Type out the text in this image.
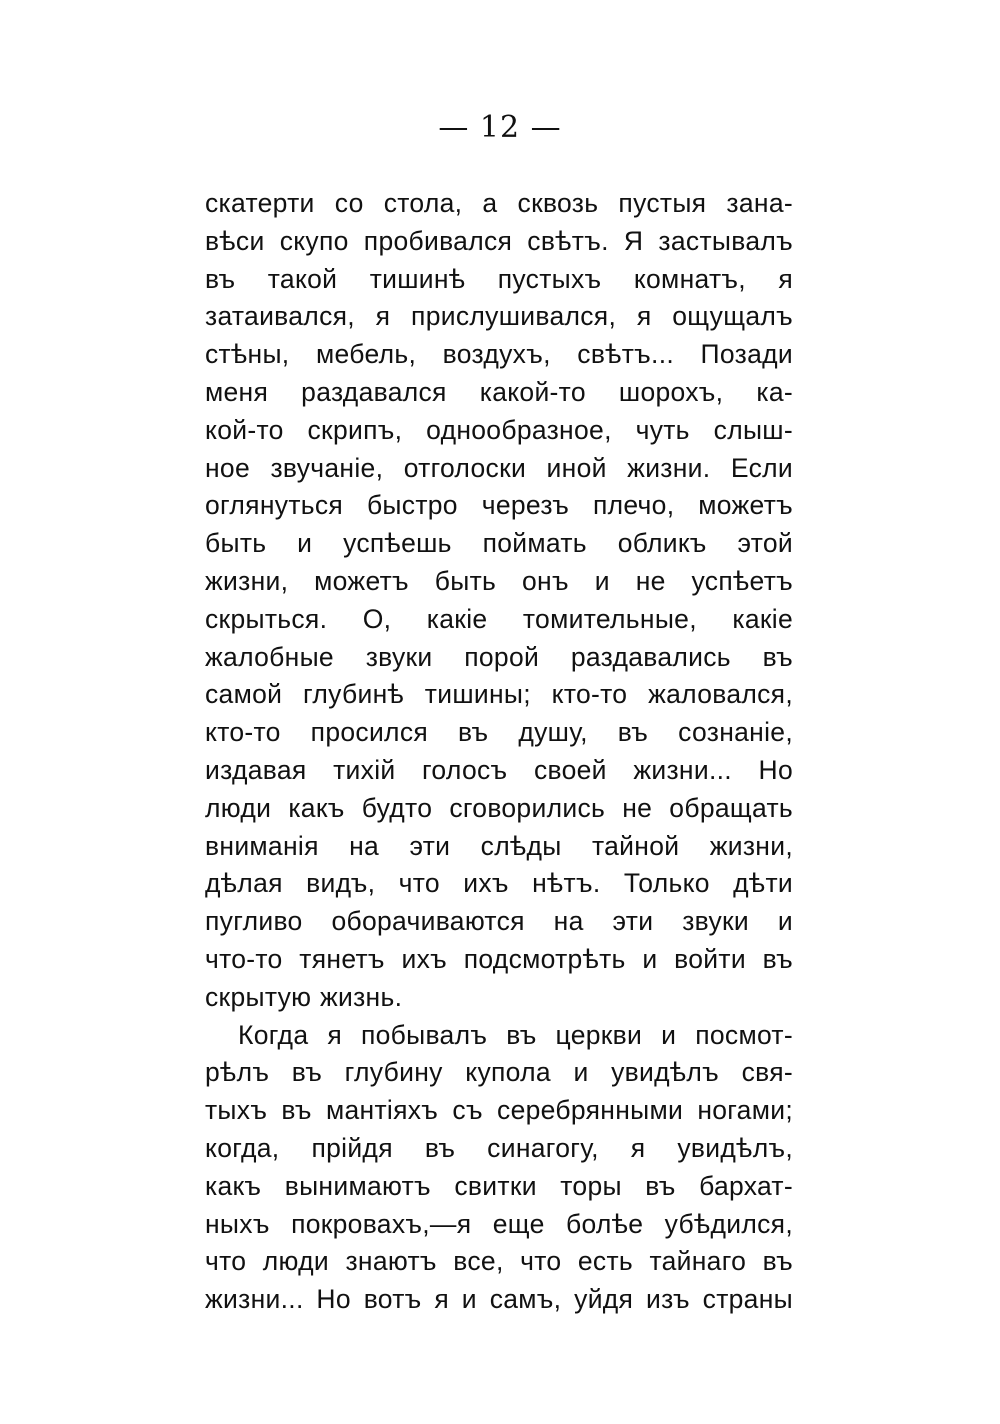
— 12 —
скатерти со стола, а сквозь пустыя зана-
вѣси скупо пробивался свѣтъ. Я застывалъ
въ такой тишинѣ пустыхъ комнатъ, я
затаивался, я прислушивался, я ощущалъ
стѣны, мебель, воздухъ, свѣтъ... Позади
меня раздавался какой-то шорохъ, ка-
кой-то скрипъ, однообразное, чуть слыш-
ное звучанiе, отголоски иной жизни. Если
оглянуться быстро черезъ плечо, можетъ
быть и успѣешь поймать обликъ этой
жизни, можетъ быть онъ и не успѣетъ
скрыться. О, какiе томительные, какiе
жалобные звуки порой раздавались въ
самой глубинѣ тишины; кто-то жаловался,
кто-то просился въ душу, въ сознанiе,
издавая тихiй голосъ своей жизни... Но
люди какъ будто сговорились не обращать
вниманiя на эти слѣды тайной жизни,
дѣлая видъ, что ихъ нѣтъ. Только дѣти
пугливо оборачиваются на эти звуки и
что-то тянетъ ихъ подсмотрѣть и войти въ
скрытую жизнь.
Когда я побывалъ въ церкви и посмот-
рѣлъ въ глубину купола и увидѣлъ свя-
тыхъ въ мантiяхъ съ серебрянными ногами;
когда, прiйдя въ синагогу, я увидѣлъ,
какъ вынимаютъ свитки торы въ бархат-
ныхъ покровахъ,—я еще болѣе убѣдился,
что люди знаютъ все, что есть тайнаго въ
жизни... Но вотъ я и самъ, уйдя изъ страны
